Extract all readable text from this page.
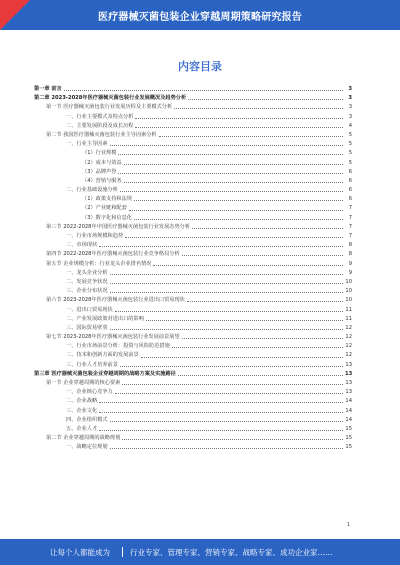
医疗器械灭菌包装企业穿越周期策略研究报告
内容目录
第一章 前言	3
第二章 2023-2028年医疗器械灭菌包装行业发展概况及趋势分析	3
第一节 医疗器械灭菌包装行业发展历程及主要模式分析	3
一、行业主要模式及特点分析	3
二、主要发展阶段及成长历程	4
第二节 我国医疗器械灭菌包装行业主导因素分析	5
一、行业主导因素	5
（1）行业规模	5
（2）成本与效益	5
（3）品牌声誉	6
（4）营销与服务	6
二、行业基础设施分析	6
（1）政策支持和法规	6
（2）产业链和配套	7
（3）数字化和信息化	7
第三节 2022-2028年中国医疗器械灭菌包装行业发展态势分析	7
一、行业市场规模和趋势	7
二、市场现状	8
第四节 2022-2028年医疗器械灭菌包装行业竞争格局分析	8
第五节 企业规模分析：行业龙头企业排名情况	9
一、龙头企业分析	9
二、发展竞争状况	10
三、企业分布状况	10
第六节 2023-2028年医疗器械灭菌包装行业进出口贸易现状	10
一、进出口贸易现状	11
二、产业发展政策对进出口的影响	11
三、国际贸易壁垒	12
第七节 2023-2028年医疗器械灭菌包装行业发展前景展望	12
一、行业市场前景分析：投资与风险防范措施	12
二、技术和创新方面的发展前景	12
三、行业人才培养前景	13
第三章 医疗器械灭菌包装企业穿越周期的战略方案及实施路径	13
第一节 企业穿越周期的核心要素	13
一、企业核心竞争力	13
二、企业战略	14
三、企业文化	14
四、企业组织模式	14
五、企业人才	15
第二节 企业穿越周期的战略规划	15
一、战略定位规划	15
1
让每个人都能成为	行业专家、管理专家、营销专家、战略专家、成功企业家……
